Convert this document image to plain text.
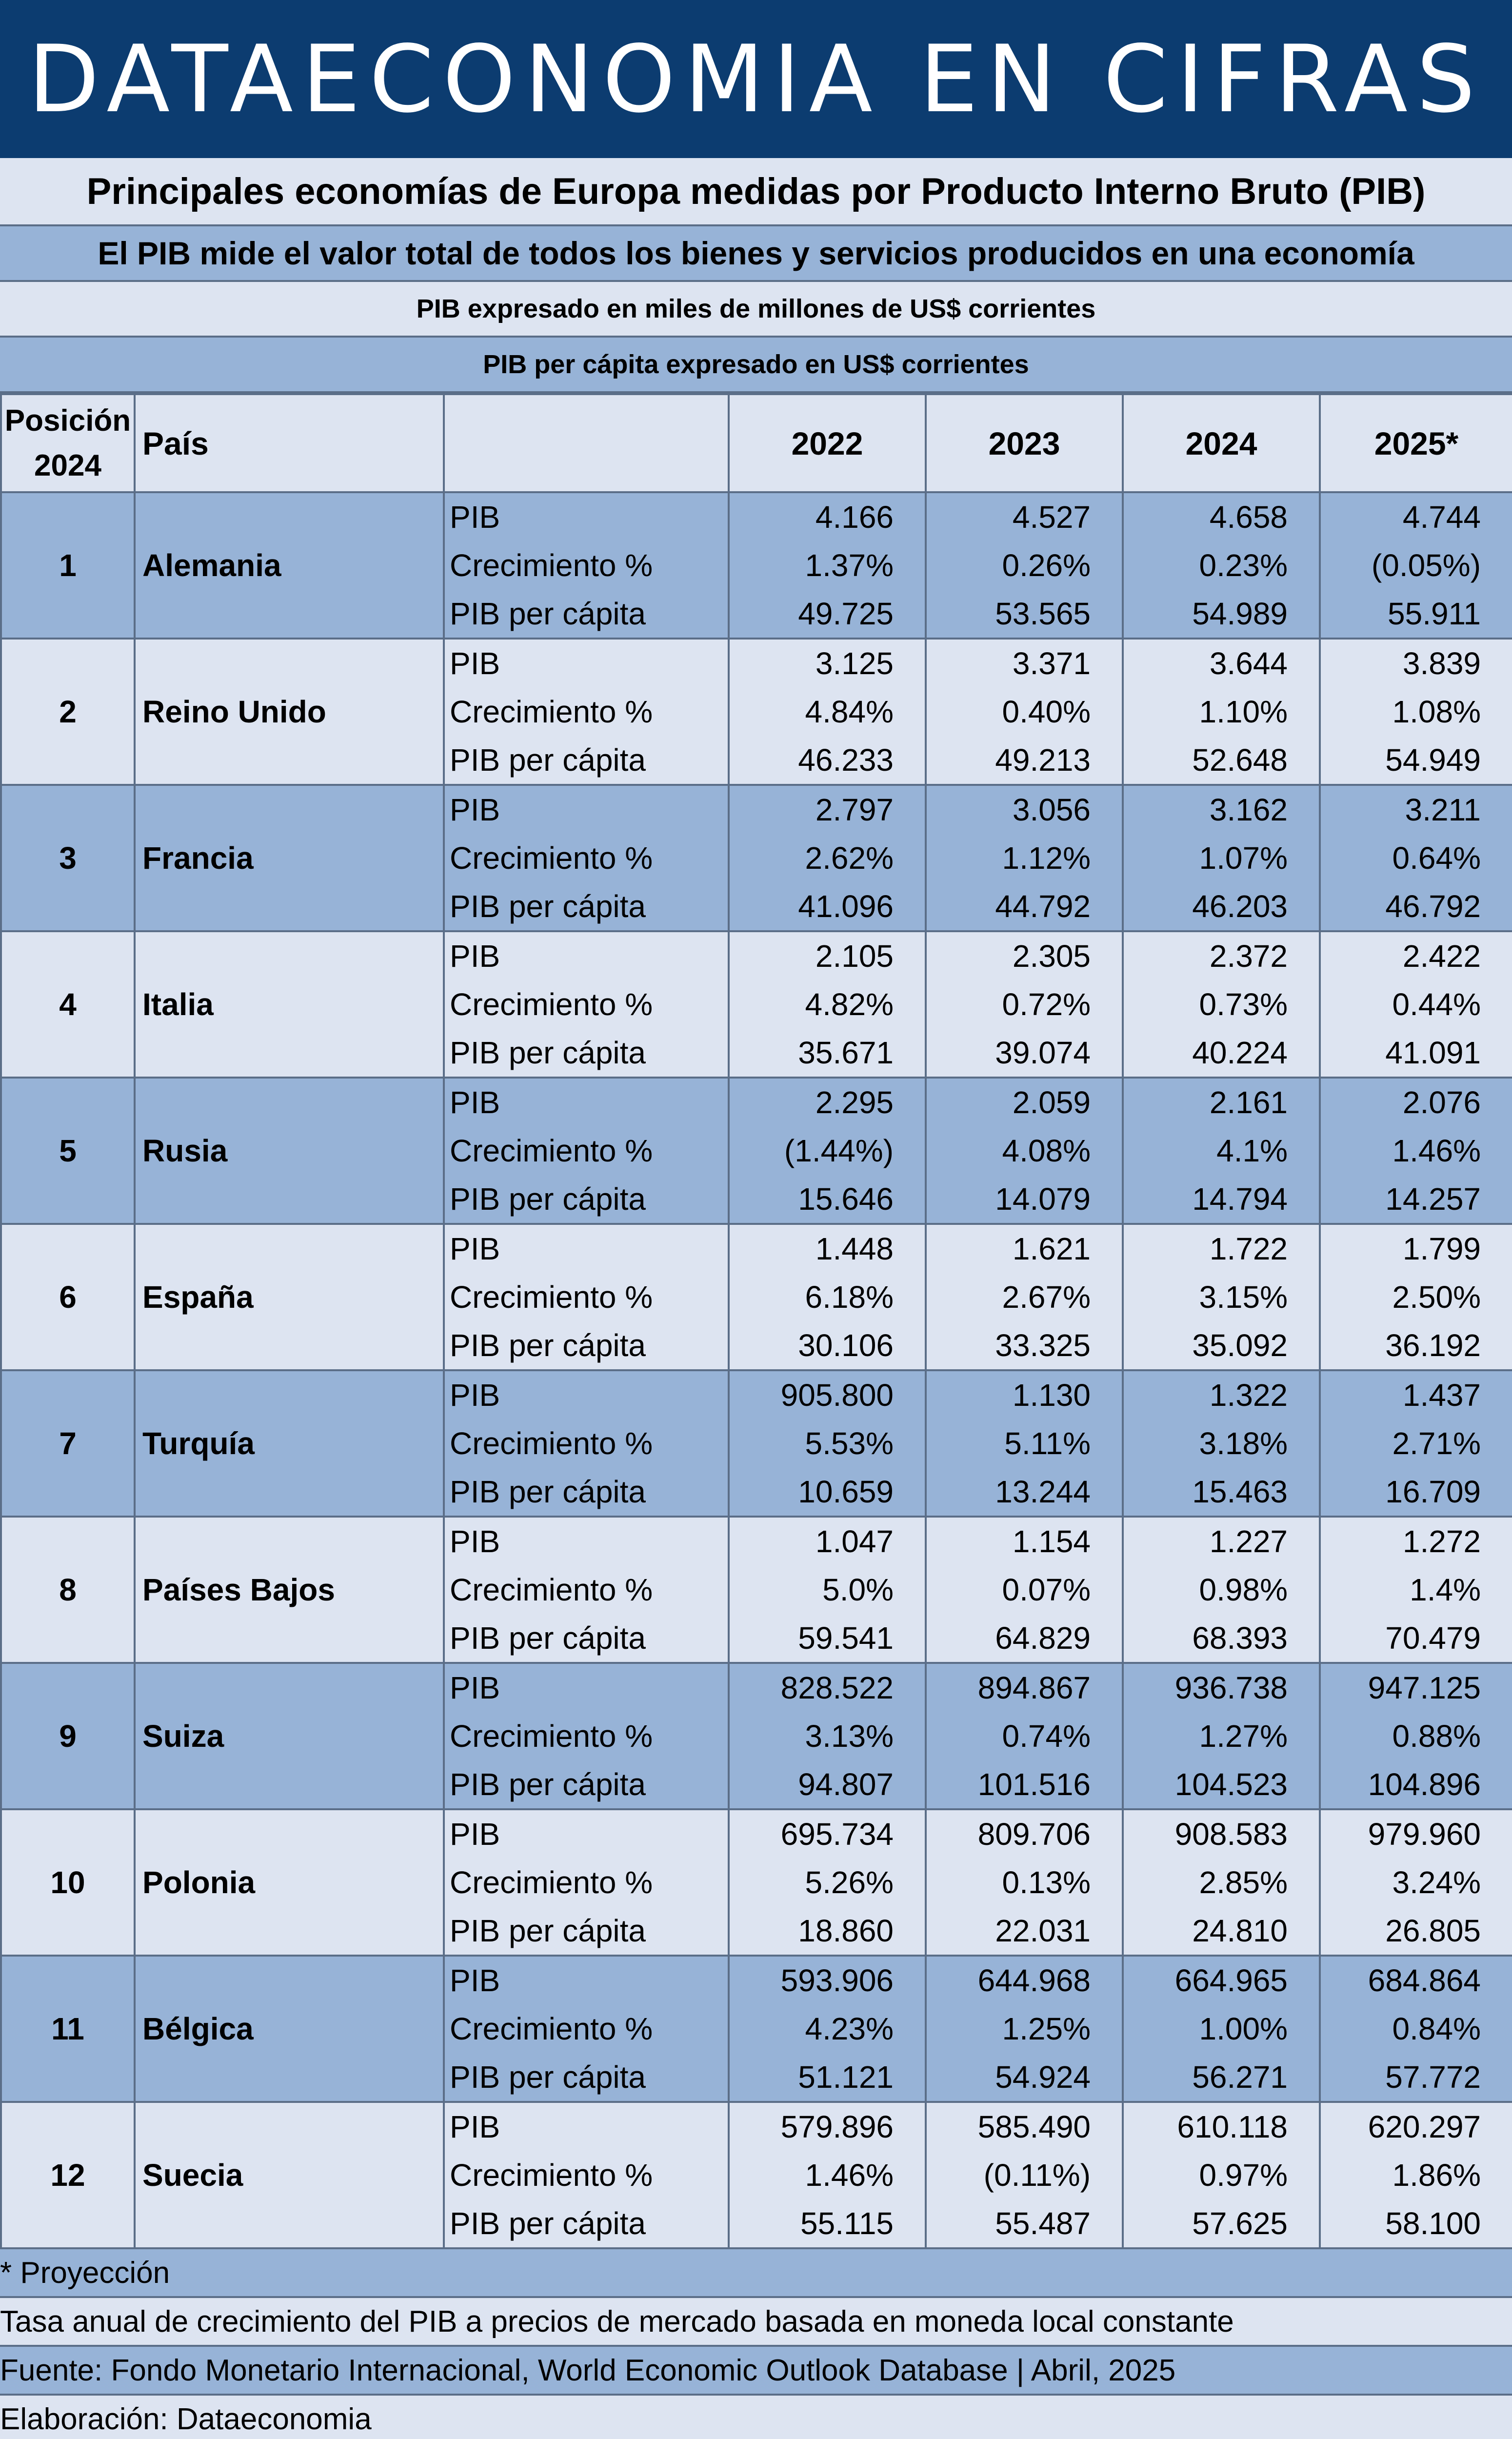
DATAECONOMIA EN CIFRAS
Principales economías de Europa medidas por Producto Interno Bruto (PIB)
El PIB mide el valor total de todos los bienes y servicios producidos en una economía
PIB expresado en miles de millones de US$ corrientes
PIB per cápita expresado en US$ corrientes
Posición
2024	País		2022	2023	2024	2025*
1	Alemania	PIB	4.166	4.527	4.658	4.744
		Crecimiento %	1.37%	0.26%	0.23%	(0.05%)
		PIB per cápita	49.725	53.565	54.989	55.911
2	Reino Unido	PIB	3.125	3.371	3.644	3.839
		Crecimiento %	4.84%	0.40%	1.10%	1.08%
		PIB per cápita	46.233	49.213	52.648	54.949
3	Francia	PIB	2.797	3.056	3.162	3.211
		Crecimiento %	2.62%	1.12%	1.07%	0.64%
		PIB per cápita	41.096	44.792	46.203	46.792
4	Italia	PIB	2.105	2.305	2.372	2.422
		Crecimiento %	4.82%	0.72%	0.73%	0.44%
		PIB per cápita	35.671	39.074	40.224	41.091
5	Rusia	PIB	2.295	2.059	2.161	2.076
		Crecimiento %	(1.44%)	4.08%	4.1%	1.46%
		PIB per cápita	15.646	14.079	14.794	14.257
6	España	PIB	1.448	1.621	1.722	1.799
		Crecimiento %	6.18%	2.67%	3.15%	2.50%
		PIB per cápita	30.106	33.325	35.092	36.192
7	Turquía	PIB	905.800	1.130	1.322	1.437
		Crecimiento %	5.53%	5.11%	3.18%	2.71%
		PIB per cápita	10.659	13.244	15.463	16.709
8	Países Bajos	PIB	1.047	1.154	1.227	1.272
		Crecimiento %	5.0%	0.07%	0.98%	1.4%
		PIB per cápita	59.541	64.829	68.393	70.479
9	Suiza	PIB	828.522	894.867	936.738	947.125
		Crecimiento %	3.13%	0.74%	1.27%	0.88%
		PIB per cápita	94.807	101.516	104.523	104.896
10	Polonia	PIB	695.734	809.706	908.583	979.960
		Crecimiento %	5.26%	0.13%	2.85%	3.24%
		PIB per cápita	18.860	22.031	24.810	26.805
11	Bélgica	PIB	593.906	644.968	664.965	684.864
		Crecimiento %	4.23%	1.25%	1.00%	0.84%
		PIB per cápita	51.121	54.924	56.271	57.772
12	Suecia	PIB	579.896	585.490	610.118	620.297
		Crecimiento %	1.46%	(0.11%)	0.97%	1.86%
		PIB per cápita	55.115	55.487	57.625	58.100
* Proyección
Tasa anual de crecimiento del PIB a precios de mercado basada en moneda local constante
Fuente: Fondo Monetario Internacional, World Economic Outlook Database | Abril, 2025
Elaboración: Dataeconomia
